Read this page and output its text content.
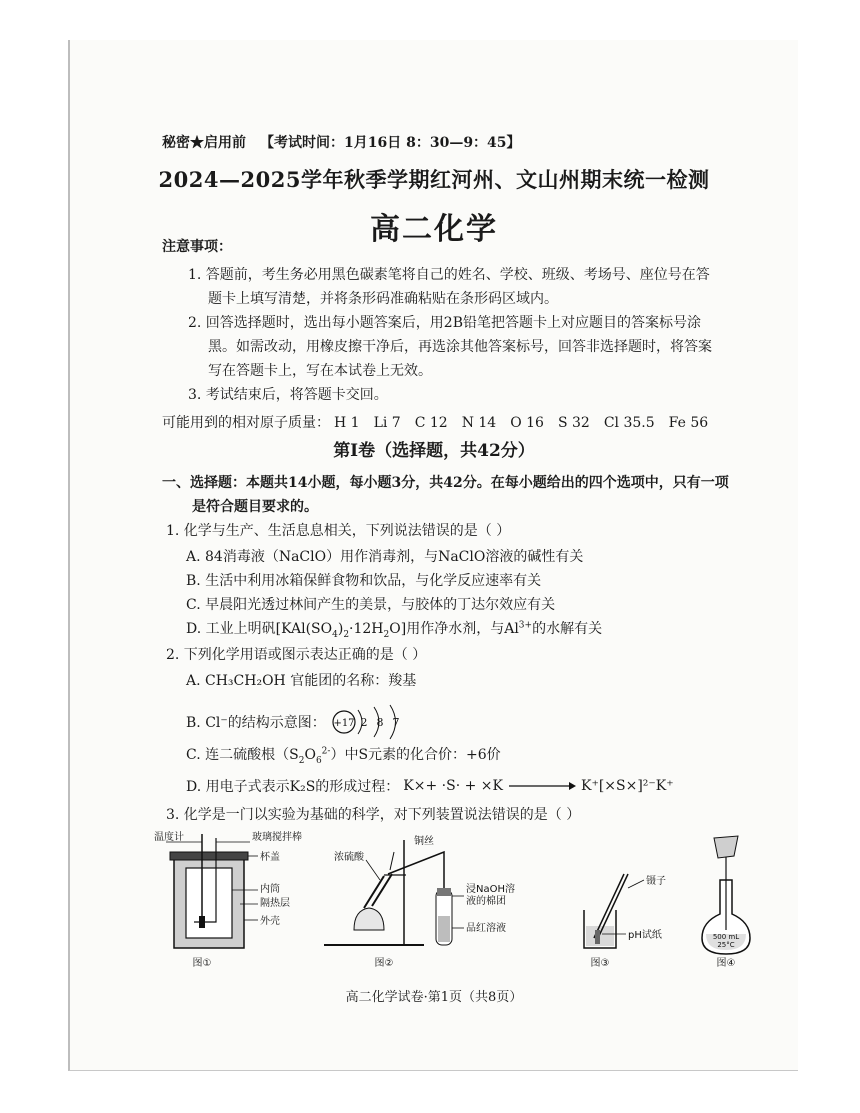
秘密★启用前 【考试时间：1月16日 8：30—9：45】
2024—2025学年秋季学期红河州、文山州期末统一检测
高二化学
注意事项：
1. 答题前，考生务必用黑色碳素笔将自己的姓名、学校、班级、考场号、座位号在答
题卡上填写清楚，并将条形码准确粘贴在条形码区域内。
2. 回答选择题时，选出每小题答案后，用2B铅笔把答题卡上对应题目的答案标号涂
黑。如需改动，用橡皮擦干净后，再选涂其他答案标号，回答非选择题时，将答案
写在答题卡上，写在本试卷上无效。
3. 考试结束后，将答题卡交回。
可能用到的相对原子质量： H 1 Li 7 C 12 N 14 O 16 S 32 Cl 35.5 Fe 56
第Ⅰ卷（选择题，共42分）
一、选择题：本题共14小题，每小题3分，共42分。在每小题给出的四个选项中，只有一项
是符合题目要求的。
1. 化学与生产、生活息息相关，下列说法错误的是（ ）
A. 84消毒液（NaClO）用作消毒剂，与NaClO溶液的碱性有关
B. 生活中利用冰箱保鲜食物和饮品，与化学反应速率有关
C. 早晨阳光透过林间产生的美景，与胶体的丁达尔效应有关
D. 工业上明矾$[KAl(SO_4)_2\cdot 12H_2O]$用作净水剂，与$Al^{3+}$的水解有关
2. 下列化学用语或图示表达正确的是（ ）
A. CH₃CH₂OH 官能团的名称：羧基
B. Cl⁻的结构示意图： +17 2 8 7
C. 连二硫酸根$(S_2O_6^{2-})$中S元素的化合价：+6价
D. 用电子式表示K₂S的形成过程： K×+ ·S· + ×K	K⁺[×S×]²⁻K⁺
3. 化学是一门以实验为基础的科学，对下列装置说法错误的是（ ）
温度计	玻璃搅拌棒
杯盖
内筒
隔热层
外壳
图①
浓硫酸
铜丝
浸NaOH溶
液的棉团
品红溶液
图②
镊子
pH试纸
图③
500 mL
25°C
图④
高二化学试卷·第1页（共8页）
